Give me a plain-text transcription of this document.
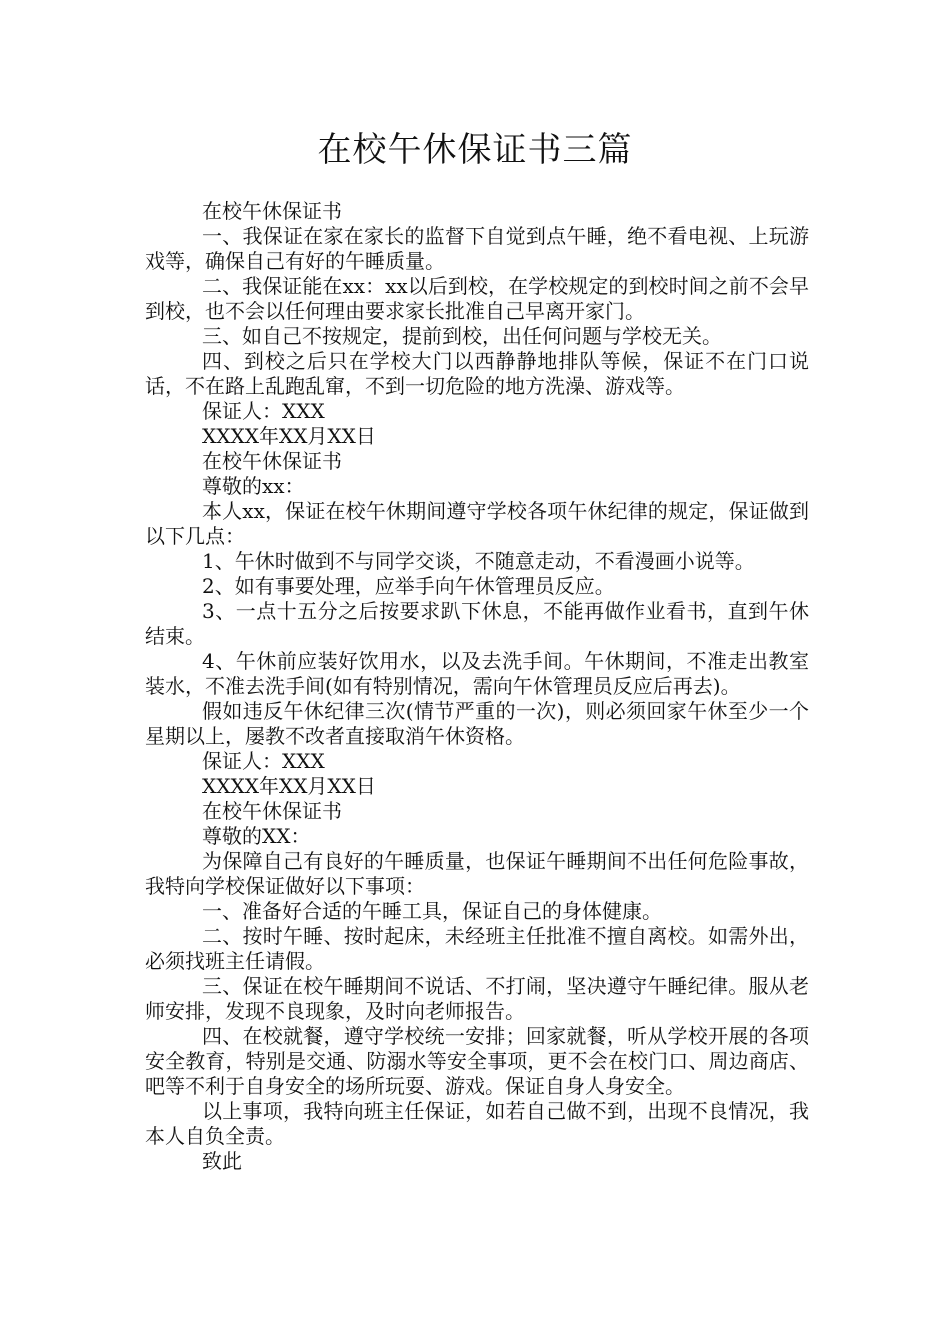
在校午休保证书三篇

在校午休保证书

一、我保证在家在家长的监督下自觉到点午睡，绝不看电视、上玩游戏等，确保自己有好的午睡质量。

二、我保证能在xx：xx以后到校，在学校规定的到校时间之前不会早到校，也不会以任何理由要求家长批准自己早离开家门。

三、如自己不按规定，提前到校，出任何问题与学校无关。

四、到校之后只在学校大门以西静静地排队等候，保证不在门口说话，不在路上乱跑乱窜，不到一切危险的地方洗澡、游戏等。

保证人：XXX

XXXX年XX月XX日

在校午休保证书

尊敬的xx：

本人xx，保证在校午休期间遵守学校各项午休纪律的规定，保证做到以下几点：

1、午休时做到不与同学交谈，不随意走动，不看漫画小说等。

2、如有事要处理，应举手向午休管理员反应。

3、一点十五分之后按要求趴下休息，不能再做作业看书，直到午休结束。

4、午休前应装好饮用水，以及去洗手间。午休期间，不准走出教室装水，不准去洗手间(如有特别情况，需向午休管理员反应后再去)。

假如违反午休纪律三次(情节严重的一次)，则必须回家午休至少一个星期以上，屡教不改者直接取消午休资格。

保证人：XXX

XXXX年XX月XX日

在校午休保证书

尊敬的XX：

为保障自己有良好的午睡质量，也保证午睡期间不出任何危险事故，我特向学校保证做好以下事项：

一、准备好合适的午睡工具，保证自己的身体健康。

二、按时午睡、按时起床，未经班主任批准不擅自离校。如需外出，必须找班主任请假。

三、保证在校午睡期间不说话、不打闹，坚决遵守午睡纪律。服从老师安排，发现不良现象，及时向老师报告。

四、在校就餐，遵守学校统一安排；回家就餐，听从学校开展的各项安全教育，特别是交通、防溺水等安全事项，更不会在校门口、周边商店、吧等不利于自身安全的场所玩耍、游戏。保证自身人身安全。

以上事项，我特向班主任保证，如若自己做不到，出现不良情况，我本人自负全责。

致此
